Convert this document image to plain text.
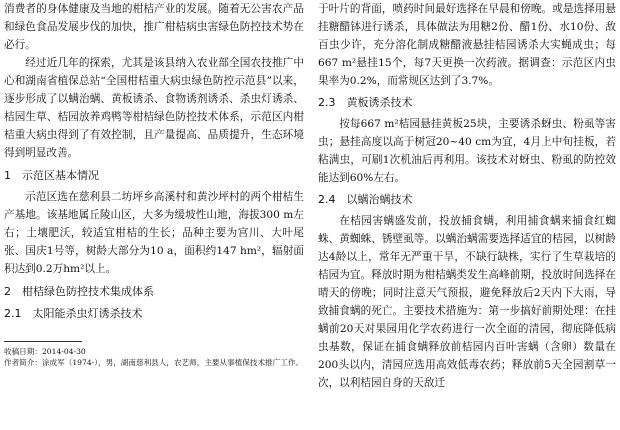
消费者的身体健康及当地的柑桔产业的发展。随着无公害农产品和绿色食品发展步伐的加快，推广柑桔病虫害绿色防控技术势在必行。

经过近几年的探索，尤其是该县纳入农业部全国农技推广中心和湖南省植保总站“全国柑桔重大病虫绿色防控示范县”以来，逐步形成了以螨治螨、黄板诱杀、食物诱剂诱杀、杀虫灯诱杀、桔园生草、桔园放养鸡鸭等柑桔绿色防控技术体系，示范区内柑桔重大病虫得到了有效控制，且产量提高、品质提升，生态环境得到明显改善。

1　示范区基本情况

示范区选在慈利县二坊坪乡高溪村和黄沙坪村的两个柑桔生产基地。该基地属丘陵山区，大多为缓坡性山地，海拔300 m左右；土壤肥沃，较适宜柑桔的生长；品种主要为宫川、大叶尾张、国庆1号等，树龄大部分为10 a，面积约147 hm²，辐射面积达到0.2万hm²以上。

2　柑桔绿色防控技术集成体系
2.1　太阳能杀虫灯诱杀技术
收稿日期：2014-04-30
作者简介：涂成军（1974-），男，湖南慈利县人，农艺师，主要从事植保技术推广工作。

于叶片的背面，喷药时间最好选择在早晨和傍晚。或是选择用悬挂糖醋钵进行诱杀，具体做法为用糖2份、醋1份、水10份、敌百虫少许，充分溶化制成糖醋液悬挂桔园诱杀大实蝇成虫；每667 m²悬挂15个，每7天更换一次药液。据调查：示范区内虫果率为0.2%，而常规区达到了3.7%。

2.3　黄板诱杀技术

按每667 m²桔园悬挂黄板25块，主要诱杀蚜虫、粉虱等害虫；悬挂高度以高于树冠20~40 cm为宜，4月上中旬挂板，若粘满虫，可刷1次机油后再利用。该技术对蚜虫、粉虱的防控效能达到60%左右。

2.4　以螨治螨技术

在桔园害螨盛发前，投放捕食螨，利用捕食螨来捕食红蜘蛛、黄蜘蛛、锈壁虱等。以螨治螨需要选择适宜的桔园，以树龄达4龄以上，常年无严重干旱，不缺行缺株，实行了生草栽培的桔园为宜。释放时期为柑桔螨类发生高峰前期，投放时间选择在晴天的傍晚；同时注意天气预报，避免释放后2天内下大雨，导致捕食螨的死亡。主要技术措施为：第一步搞好前期处理：在挂螨前20天对果园用化学农药进行一次全面的清园，彻底降低病虫基数，保证在捕食螨释放前桔园内百叶害螨（含卵）数量在200头以内，清园应选用高效低毒农药；释放前5天全园割草一次，以利桔园自身的天敌迁
